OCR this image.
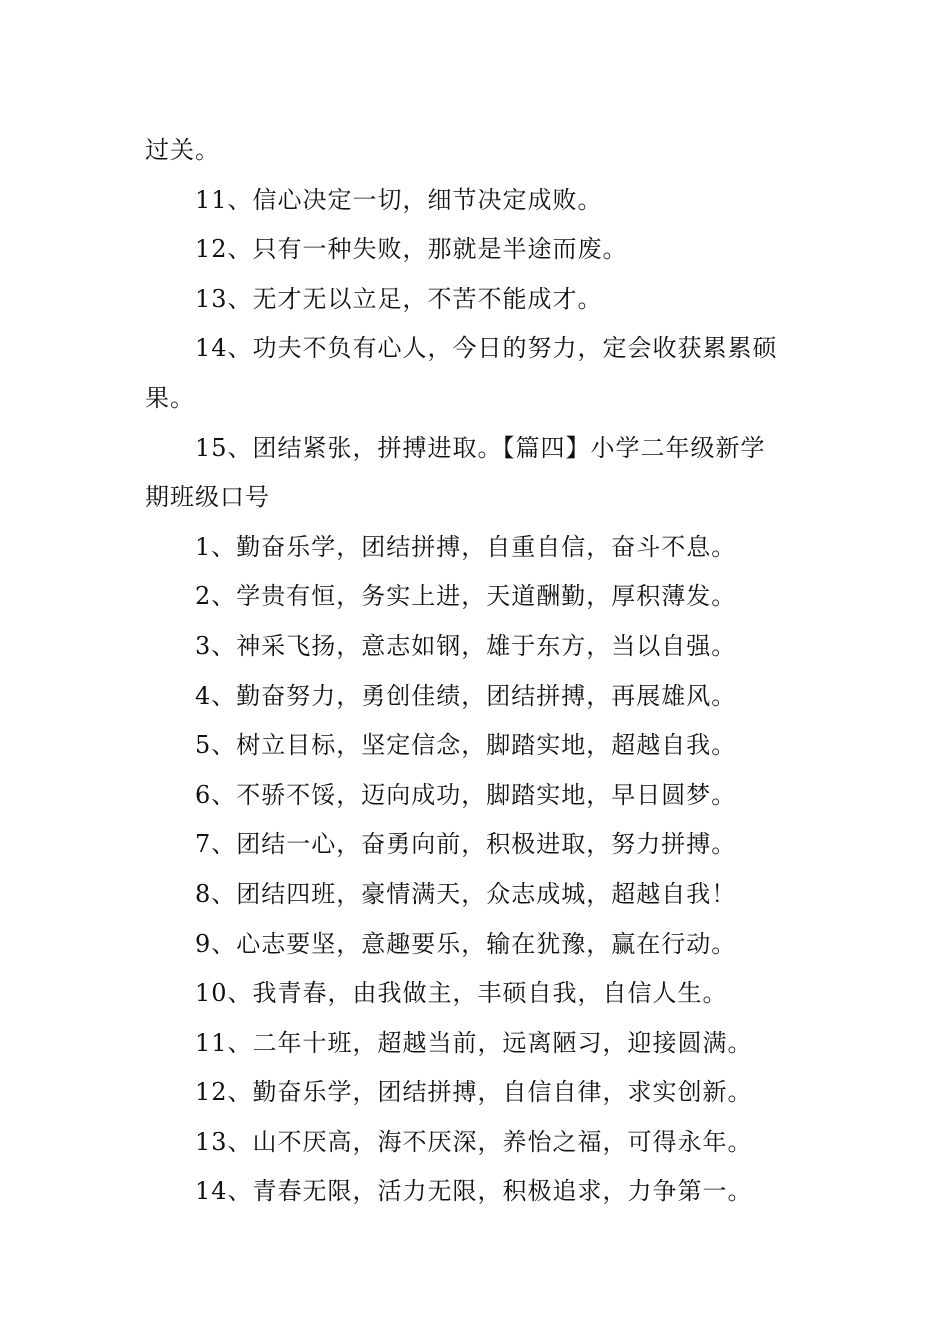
过关。
11、信心决定一切，细节决定成败。
12、只有一种失败，那就是半途而废。
13、无才无以立足，不苦不能成才。
14、功夫不负有心人，今日的努力，定会收获累累硕
果。
15、团结紧张，拼搏进取。【篇四】小学二年级新学
期班级口号
1、勤奋乐学，团结拼搏，自重自信，奋斗不息。
2、学贵有恒，务实上进，天道酬勤，厚积薄发。
3、神采飞扬，意志如钢，雄于东方，当以自强。
4、勤奋努力，勇创佳绩，团结拼搏，再展雄风。
5、树立目标，坚定信念，脚踏实地，超越自我。
6、不骄不馁，迈向成功，脚踏实地，早日圆梦。
7、团结一心，奋勇向前，积极进取，努力拼搏。
8、团结四班，豪情满天，众志成城，超越自我！
9、心志要坚，意趣要乐，输在犹豫，赢在行动。
10、我青春，由我做主，丰硕自我，自信人生。
11、二年十班，超越当前，远离陋习，迎接圆满。
12、勤奋乐学，团结拼搏，自信自律，求实创新。
13、山不厌高，海不厌深，养怡之福，可得永年。
14、青春无限，活力无限，积极追求，力争第一。
